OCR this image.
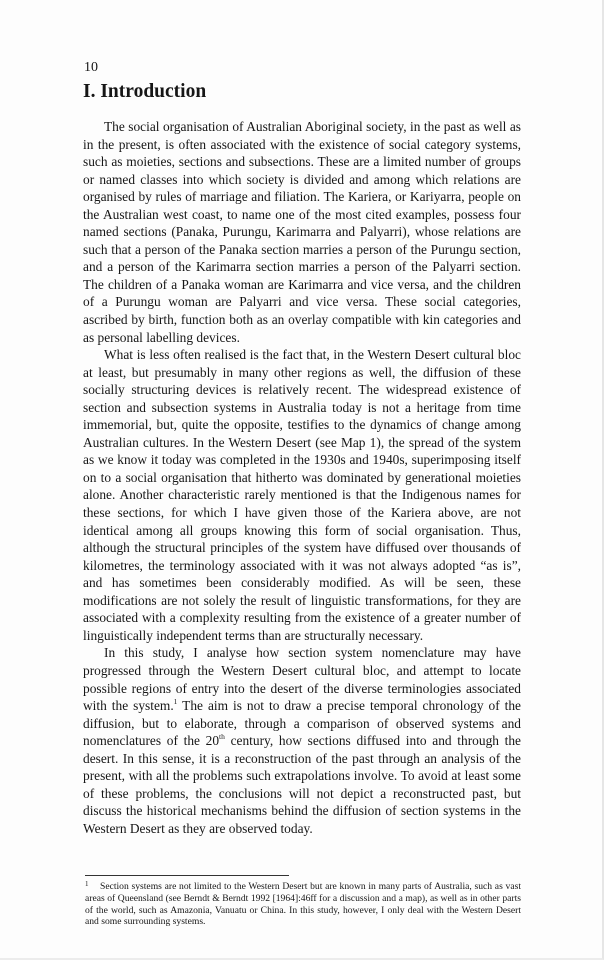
10
I. Introduction

The social organisation of Australian Aboriginal society, in the past as well as in the present, is often associated with the existence of social category systems, such as moieties, sections and subsections. These are a limited number of groups or named classes into which society is divided and among which relations are organised by rules of marriage and filiation. The Kariera, or Kariyarra, people on the Australian west coast, to name one of the most cited examples, possess four named sections (Panaka, Purungu, Karimarra and Palyarri), whose relations are such that a person of the Panaka section marries a person of the Purungu section, and a person of the Karimarra section marries a person of the Palyarri section. The children of a Panaka woman are Karimarra and vice versa, and the children of a Purungu woman are Palyarri and vice versa. These social categories, ascribed by birth, function both as an overlay compatible with kin categories and as personal labelling devices.

What is less often realised is the fact that, in the Western Desert cultural bloc at least, but presumably in many other regions as well, the diffusion of these socially structuring devices is relatively recent. The widespread existence of section and subsection systems in Australia today is not a heritage from time immemorial, but, quite the opposite, testifies to the dynamics of change among Australian cultures. In the Western Desert (see Map 1), the spread of the system as we know it today was completed in the 1930s and 1940s, superimposing itself on to a social organisation that hitherto was dominated by generational moieties alone. Another characteristic rarely mentioned is that the Indigenous names for these sections, for which I have given those of the Kariera above, are not identical among all groups knowing this form of social organisation. Thus, although the structural principles of the system have diffused over thousands of kilometres, the terminology associated with it was not always adopted “as is”, and has sometimes been considerably modified. As will be seen, these modifications are not solely the result of linguistic transformations, for they are associated with a complexity resulting from the existence of a greater number of linguistically independent terms than are structurally necessary.

In this study, I analyse how section system nomenclature may have progressed through the Western Desert cultural bloc, and attempt to locate possible regions of entry into the desert of the diverse terminologies associated with the system.$^1$ The aim is not to draw a precise temporal chronology of the diffusion, but to elaborate, through a comparison of observed systems and nomenclatures of the 20th century, how sections diffused into and through the desert. In this sense, it is a reconstruction of the past through an analysis of the present, with all the problems such extrapolations involve. To avoid at least some of these problems, the conclusions will not depict a reconstructed past, but discuss the historical mechanisms behind the diffusion of section systems in the Western Desert as they are observed today.

1 Section systems are not limited to the Western Desert but are known in many parts of Australia, such as vast areas of Queensland (see Berndt & Berndt 1992 [1964]:46ff for a discussion and a map), as well as in other parts of the world, such as Amazonia, Vanuatu or China. In this study, however, I only deal with the Western Desert and some surrounding systems.
